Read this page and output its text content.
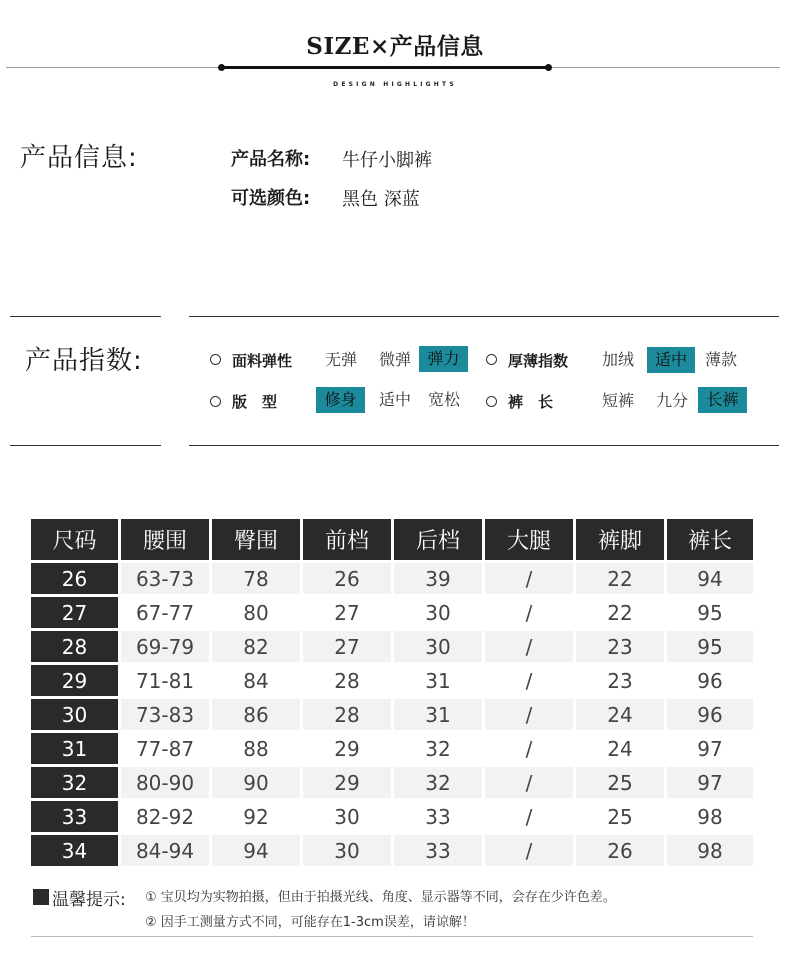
SIZE×产品信息
DESIGN HIGHLIGHTS
产品信息:	产品名称: 牛仔小脚裤
可选颜色: 黑色 深蓝
产品指数:	面料弹性	无弹	微弹	弹力	厚薄指数	加绒	适中	薄款
版　型	修身	适中	宽松	裤　长	短裤	九分	长裤
尺码	腰围	臀围	前档	后档	大腿	裤脚	裤长
26	63-73	78	26	39	/	22	94
27	67-77	80	27	30	/	22	95
28	69-79	82	27	30	/	23	95
29	71-81	84	28	31	/	23	96
30	73-83	86	28	31	/	24	96
31	77-87	88	29	32	/	24	97
32	80-90	90	29	32	/	25	97
33	82-92	92	30	33	/	25	98
34	84-94	94	30	33	/	26	98
温馨提示: ① 宝贝均为实物拍摄，但由于拍摄光线、角度、显示器等不同，会存在少许色差。
② 因手工测量方式不同，可能存在1-3cm误差，请谅解！
